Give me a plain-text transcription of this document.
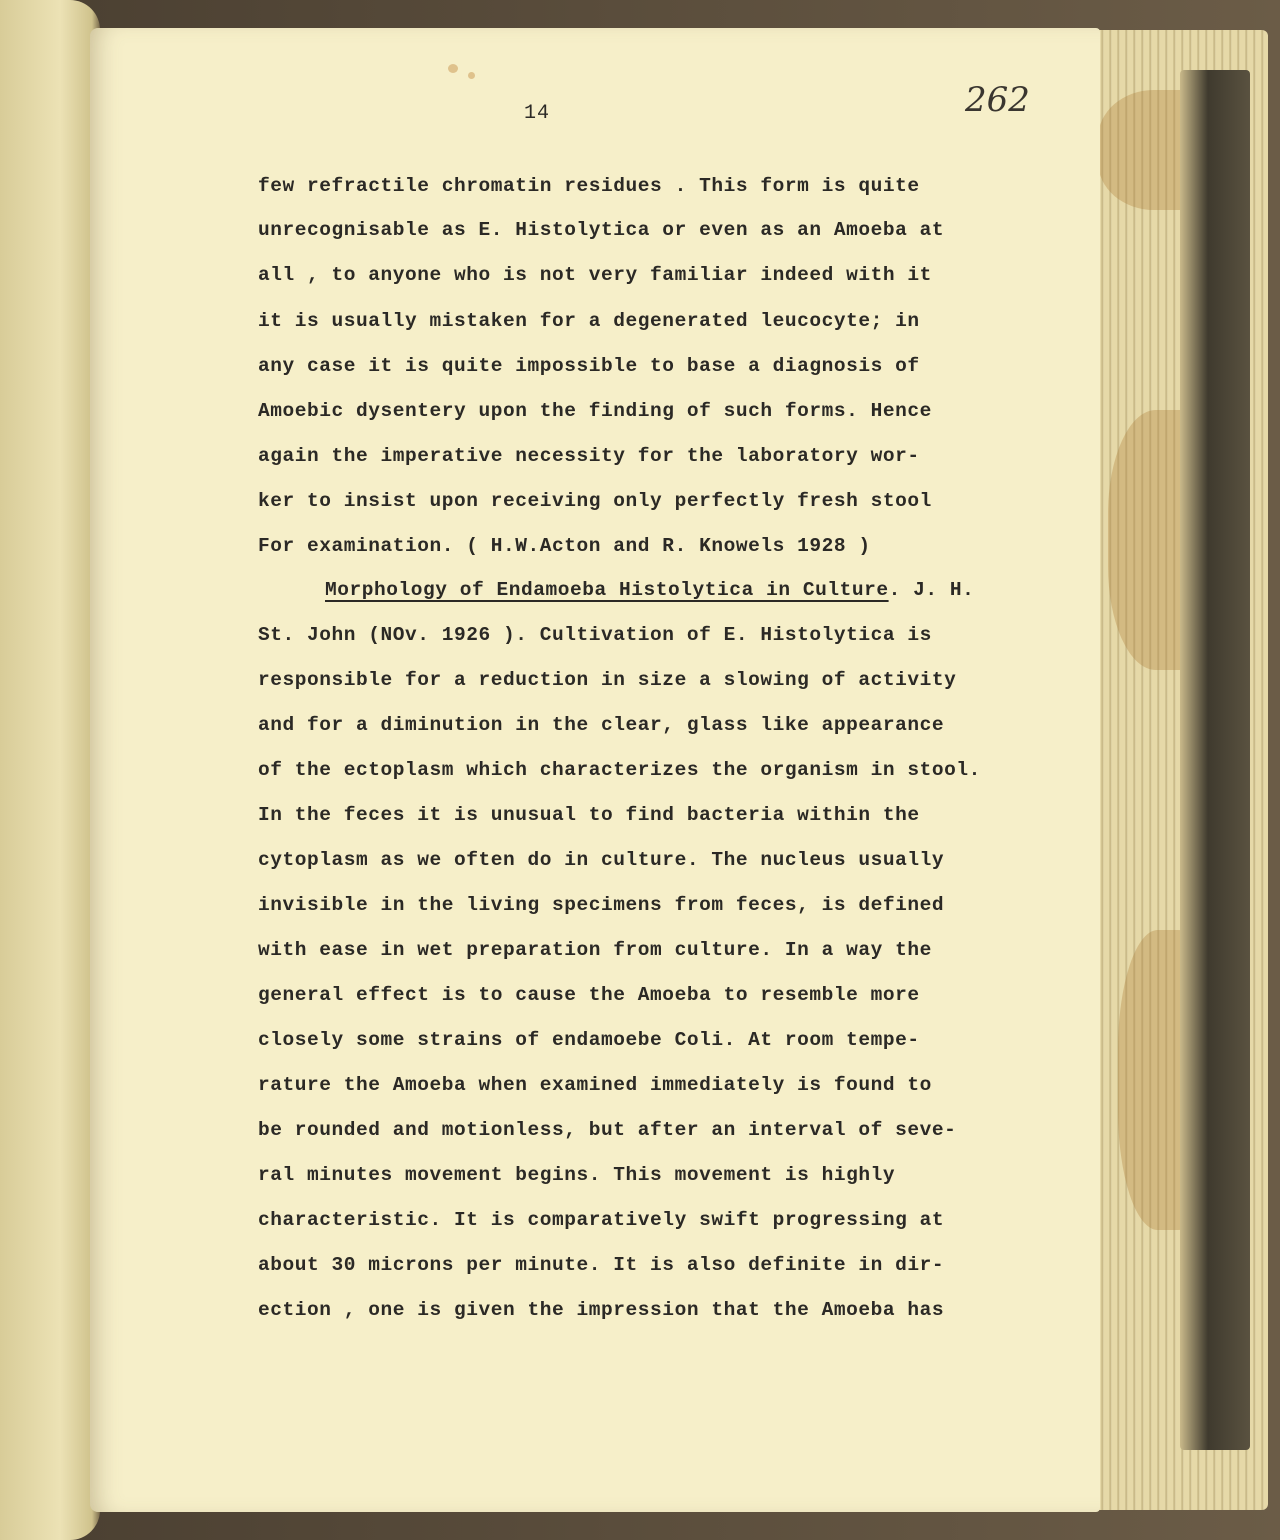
14	262
few refractile chromatin residues . This form is quite
unrecognisable as E. Histolytica or even as an Amoeba at
all , to anyone who is not very familiar indeed with it
it is usually mistaken for a degenerated leucocyte; in
any case it is quite impossible to base a diagnosis of
Amoebic dysentery upon the finding of such forms. Hence
again the imperative necessity for the laboratory wor-
ker to insist upon receiving only perfectly fresh stool
For examination. ( H.W.Acton and R. Knowels 1928 )
Morphology of Endamoeba Histolytica in Culture. J. H.
St. John (NOv. 1926 ). Cultivation of E. Histolytica is
responsible for a reduction in size a slowing of activity
and for a diminution in the clear, glass like appearance
of the ectoplasm which characterizes the organism in stool.
In the feces it is unusual to find bacteria within the
cytoplasm as we often do in culture. The nucleus usually
invisible in the living specimens from feces, is defined
with ease in wet preparation from culture. In a way the
general effect is to cause the Amoeba to resemble more
closely some strains of endamoebe Coli. At room tempe-
rature the Amoeba when examined immediately is found to
be rounded and motionless, but after an interval of seve-
ral minutes movement begins. This movement is highly
characteristic. It is comparatively swift progressing at
about 30 microns per minute. It is also definite in dir-
ection , one is given the impression that the Amoeba has
